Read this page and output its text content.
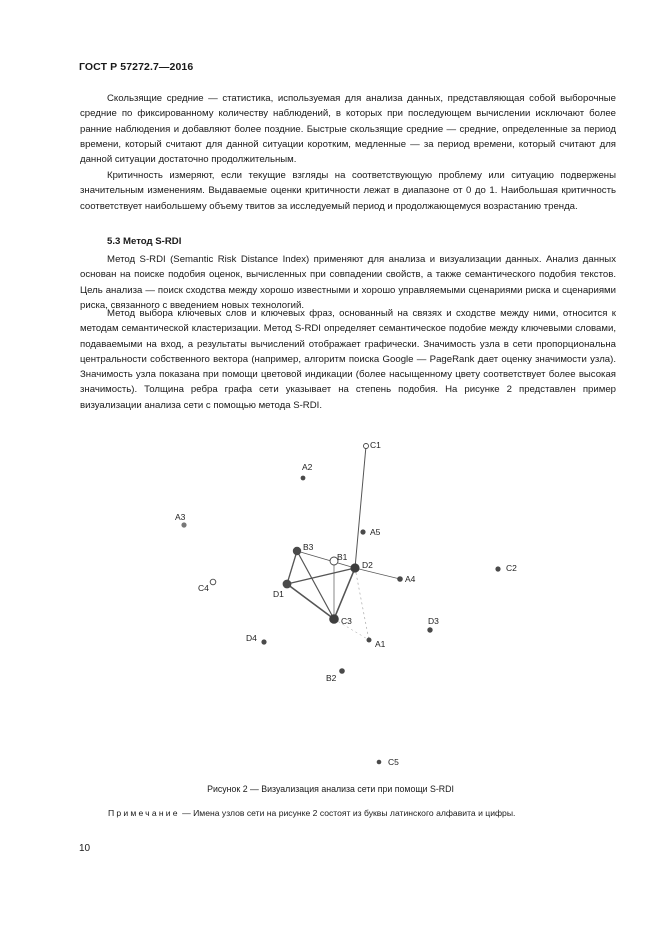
ГОСТ Р 57272.7—2016

Скользящие средние — статистика, используемая для анализа данных, представляющая собой выборочные средние по фиксированному количеству наблюдений, в которых при последующем вычислении исключают более ранние наблюдения и добавляют более поздние. Быстрые скользящие средние — средние, определенные за период времени, который считают для данной ситуации коротким, медленные — за период времени, который считают для данной ситуации достаточно продолжительным.

Критичность измеряют, если текущие взгляды на соответствующую проблему или ситуацию подвержены значительным изменениям. Выдаваемые оценки критичности лежат в диапазоне от 0 до 1. Наибольшая критичность соответствует наибольшему объему твитов за исследуемый период и продолжающемуся возрастанию тренда.

5.3 Метод S-RDI

Метод S-RDI (Semantic Risk Distance Index) применяют для анализа и визуализации данных. Анализ данных основан на поиске подобия оценок, вычисленных при совпадении свойств, а также семантического подобия текстов. Цель анализа — поиск сходства между хорошо известными и хорошо управляемыми сценариями риска и сценариями риска, связанного с введением новых технологий.

Метод выбора ключевых слов и ключевых фраз, основанный на связях и сходстве между ними, относится к методам семантической кластеризации. Метод S-RDI определяет семантическое подобие между ключевыми словами, подаваемыми на вход, а результаты вычислений отображает графически. Значимость узла в сети пропорциональна центральности собственного вектора (например, алгоритм поиска Google — PageRank дает оценку значимости узла). Значимость узла показана при помощи цветовой индикации (более насыщенному цвету соответствует более высокая значимость). Толщина ребра графа сети указывает на степень подобия. На рисунке 2 представлен пример визуализации анализа сети с помощью метода S-RDI.

C1
A2
A3
A5
B3
B1
D2
A4
C2
C4
D1
C3	D3
D4
A1
B2
C5
Рисунок 2 — Визуализация анализа сети при помощи S-RDI
Примечание — Имена узлов сети на рисунке 2 состоят из буквы латинского алфавита и цифры.
10
